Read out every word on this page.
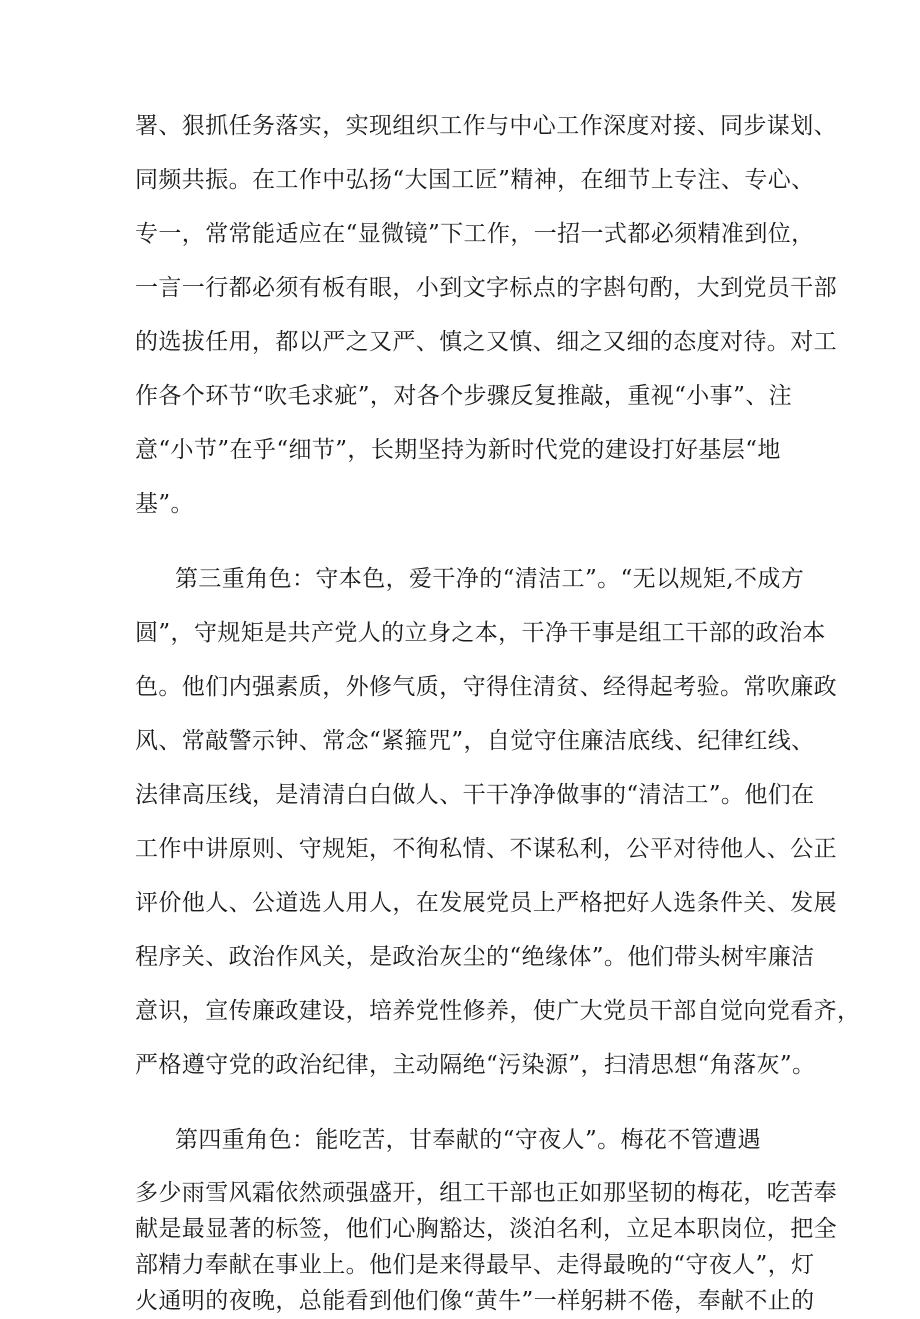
署、狠抓任务落实，实现组织工作与中心工作深度对接、同步谋划、
同频共振。在工作中弘扬“大国工匠”精神，在细节上专注、专心、
专一，常常能适应在“显微镜”下工作，一招一式都必须精准到位，
一言一行都必须有板有眼，小到文字标点的字斟句酌，大到党员干部
的选拔任用，都以严之又严、慎之又慎、细之又细的态度对待。对工
作各个环节“吹毛求疵”，对各个步骤反复推敲，重视“小事”、注
意“小节”在乎“细节”，长期坚持为新时代党的建设打好基层“地
基”。
第三重角色：守本色，爱干净的“清洁工”。“无以规矩,不成方
圆”，守规矩是共产党人的立身之本，干净干事是组工干部的政治本
色。他们内强素质，外修气质，守得住清贫、经得起考验。常吹廉政
风、常敲警示钟、常念“紧箍咒”，自觉守住廉洁底线、纪律红线、
法律高压线，是清清白白做人、干干净净做事的“清洁工”。他们在
工作中讲原则、守规矩，不徇私情、不谋私利，公平对待他人、公正
评价他人、公道选人用人，在发展党员上严格把好人选条件关、发展
程序关、政治作风关，是政治灰尘的“绝缘体”。他们带头树牢廉洁
意识，宣传廉政建设，培养党性修养，使广大党员干部自觉向党看齐，
严格遵守党的政治纪律，主动隔绝“污染源”，扫清思想“角落灰”。
第四重角色：能吃苦，甘奉献的“守夜人”。梅花不管遭遇
多少雨雪风霜依然顽强盛开，组工干部也正如那坚韧的梅花，吃苦奉
献是最显著的标签，他们心胸豁达，淡泊名利，立足本职岗位，把全
部精力奉献在事业上。他们是来得最早、走得最晚的“守夜人”，灯
火通明的夜晚，总能看到他们像“黄牛”一样躬耕不倦，奉献不止的
